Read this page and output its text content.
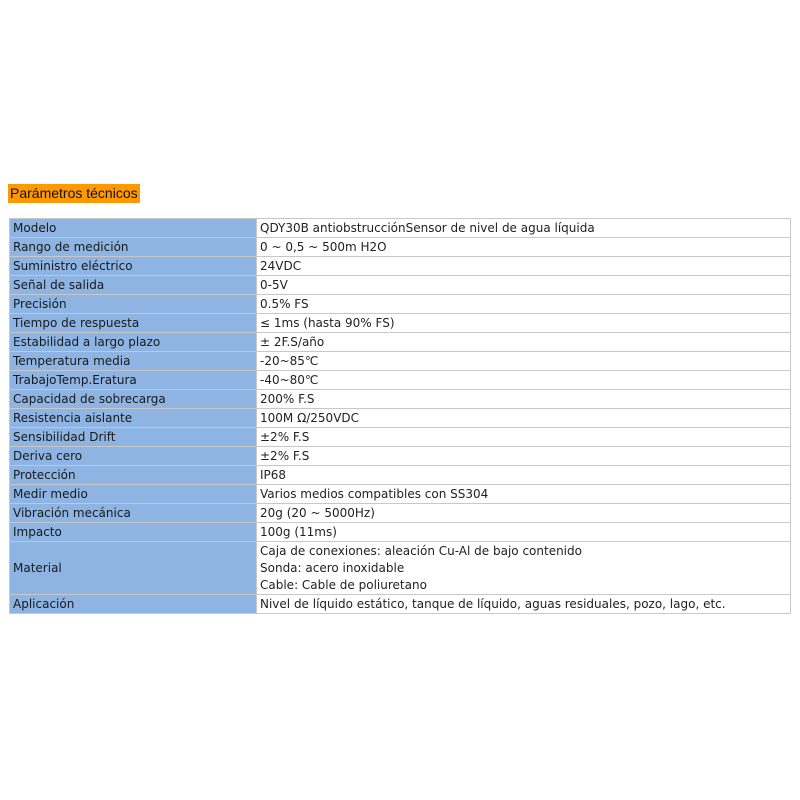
Parámetros técnicos
Modelo	QDY30B antiobstrucciónSensor de nivel de agua líquida
Rango de medición	0 ~ 0,5 ~ 500m H2O
Suministro eléctrico	24VDC
Señal de salida	0-5V
Precisión	0.5% FS
Tiempo de respuesta	≤ 1ms (hasta 90% FS)
Estabilidad a largo plazo	± 2F.S/año
Temperatura media	-20~85℃
TrabajoTemp.Eratura	-40~80℃
Capacidad de sobrecarga	200% F.S
Resistencia aislante	100M Ω/250VDC
Sensibilidad Drift	±2% F.S
Deriva cero	±2% F.S
Protección	IP68
Medir medio	Varios medios compatibles con SS304
Vibración mecánica	20g (20 ~ 5000Hz)
Impacto	100g (11ms)
Material	Caja de conexiones: aleación Cu-Al de bajo contenido
Sonda: acero inoxidable
Cable: Cable de poliuretano

Aplicación	Nivel de líquido estático, tanque de líquido, aguas residuales, pozo, lago, etc.
